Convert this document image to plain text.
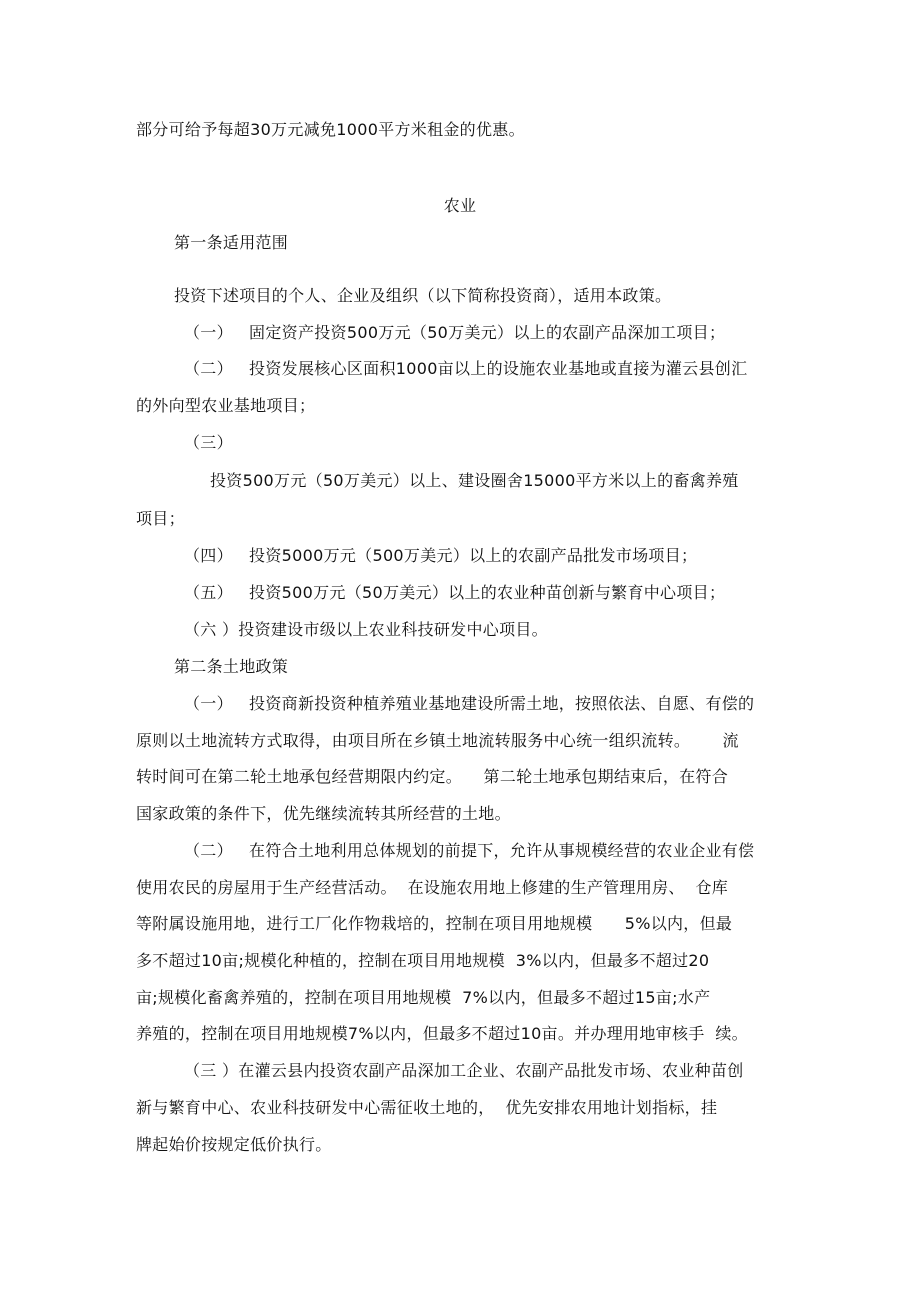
部分可给予每超30万元减免1000平方米租金的优惠。
农业
第一条适用范围
投资下述项目的个人、企业及组织（以下简称投资商），适用本政策。
（一）   固定资产投资500万元（50万美元）以上的农副产品深加工项目；
（二）   投资发展核心区面积1000亩以上的设施农业基地或直接为灌云县创汇
的外向型农业基地项目；
（三）
投资500万元（50万美元）以上、建设圈舍15000平方米以上的畜禽养殖
项目；
（四）   投资5000万元（500万美元）以上的农副产品批发市场项目；
（五）   投资500万元（50万美元）以上的农业种苗创新与繁育中心项目；
（六 ）投资建设市级以上农业科技研发中心项目。
第二条土地政策
（一）   投资商新投资种植养殖业基地建设所需土地，按照依法、自愿、有偿的
原则以土地流转方式取得，由项目所在乡镇土地流转服务中心统一组织流转。      流
转时间可在第二轮土地承包经营期限内约定。    第二轮土地承包期结束后，在符合
国家政策的条件下，优先继续流转其所经营的土地。
（二）   在符合土地利用总体规划的前提下，允许从事规模经营的农业企业有偿
使用农民的房屋用于生产经营活动。  在设施农用地上修建的生产管理用房、  仓库
等附属设施用地，进行工厂化作物栽培的，控制在项目用地规模      5%以内，但最
多不超过10亩;规模化种植的，控制在项目用地规模  3%以内，但最多不超过20
亩;规模化畜禽养殖的，控制在项目用地规模  7%以内，但最多不超过15亩;水产
养殖的，控制在项目用地规模7%以内，但最多不超过10亩。并办理用地审核手  续。
（三 ）在灌云县内投资农副产品深加工企业、农副产品批发市场、农业种苗创
新与繁育中心、农业科技研发中心需征收土地的，  优先安排农用地计划指标，挂
牌起始价按规定低价执行。
